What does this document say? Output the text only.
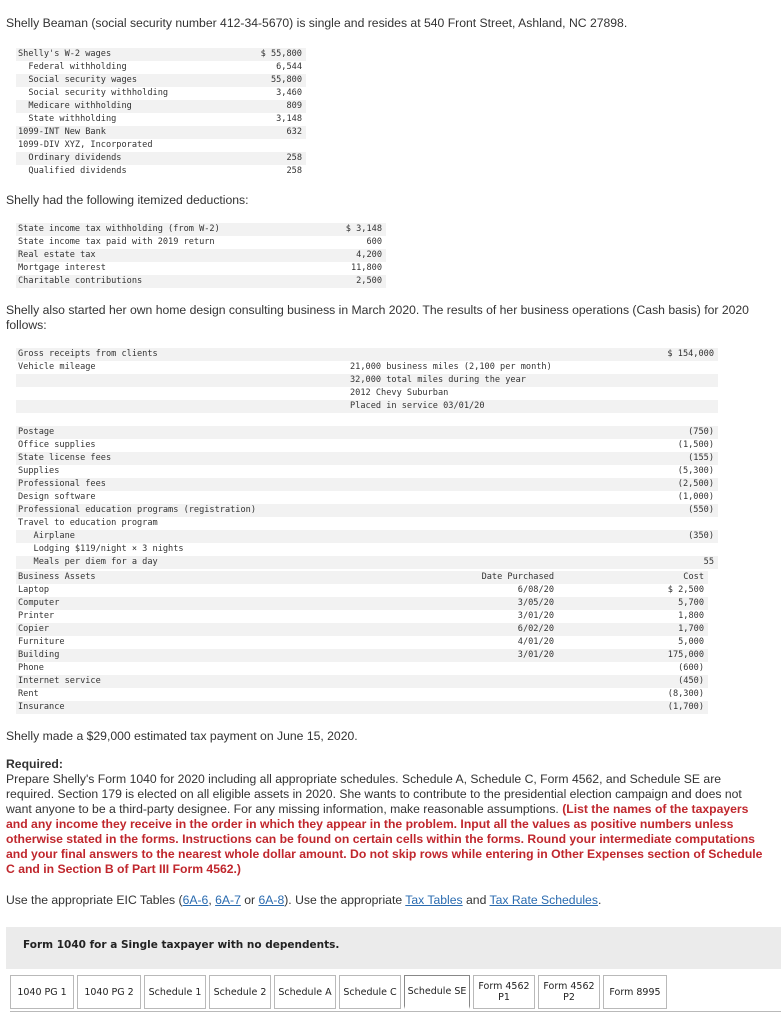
Shelly Beaman (social security number 412-34-5670) is single and resides at 540 Front Street, Ashland, NC 27898.
Shelly's W-2 wages	$ 55,800
Federal withholding	6,544
Social security wages	55,800
Social security withholding	3,460
Medicare withholding	809
State withholding	3,148
1099-INT New Bank	632
1099-DIV XYZ, Incorporated
Ordinary dividends	258
Qualified dividends	258
Shelly had the following itemized deductions:
State income tax withholding (from W-2)	$ 3,148
State income tax paid with 2019 return	600
Real estate tax	4,200
Mortgage interest	11,800
Charitable contributions	2,500
Shelly also started her own home design consulting business in March 2020. The results of her business operations (Cash basis) for 2020 follows:
Gross receipts from clients	$ 154,000
Vehicle mileage	21,000 business miles (2,100 per month)
32,000 total miles during the year
2012 Chevy Suburban
Placed in service 03/01/20
Postage	(750)
Office supplies	(1,500)
State license fees	(155)
Supplies	(5,300)
Professional fees	(2,500)
Design software	(1,000)
Professional education programs (registration)	(550)
Travel to education program
Airplane	(350)
Lodging $119/night × 3 nights
Meals per diem for a day	55
Business Assets	Date Purchased	Cost
Laptop	6/08/20	$ 2,500
Computer	3/05/20	5,700
Printer	3/01/20	1,800
Copier	6/02/20	1,700
Furniture	4/01/20	5,000
Building	3/01/20	175,000
Phone	(600)
Internet service	(450)
Rent	(8,300)
Insurance	(1,700)
Shelly made a $29,000 estimated tax payment on June 15, 2020.
Required:
Prepare Shelly's Form 1040 for 2020 including all appropriate schedules. Schedule A, Schedule C, Form 4562, and Schedule SE are required. Section 179 is elected on all eligible assets in 2020. She wants to contribute to the presidential election campaign and does not want anyone to be a third-party designee. For any missing information, make reasonable assumptions. (List the names of the taxpayers and any income they receive in the order in which they appear in the problem. Input all the values as positive numbers unless otherwise stated in the forms. Instructions can be found on certain cells within the forms. Round your intermediate computations and your final answers to the nearest whole dollar amount. Do not skip rows while entering in Other Expenses section of Schedule C and in Section B of Part III Form 4562.)
Use the appropriate EIC Tables (6A-6, 6A-7 or 6A-8). Use the appropriate Tax Tables and Tax Rate Schedules.
Form 1040 for a Single taxpayer with no dependents.
1040 PG 1	1040 PG 2	Schedule 1	Schedule 2	Schedule A	Schedule C	Schedule SE	Form 4562
P1
Form 4562
P2	Form 8995
